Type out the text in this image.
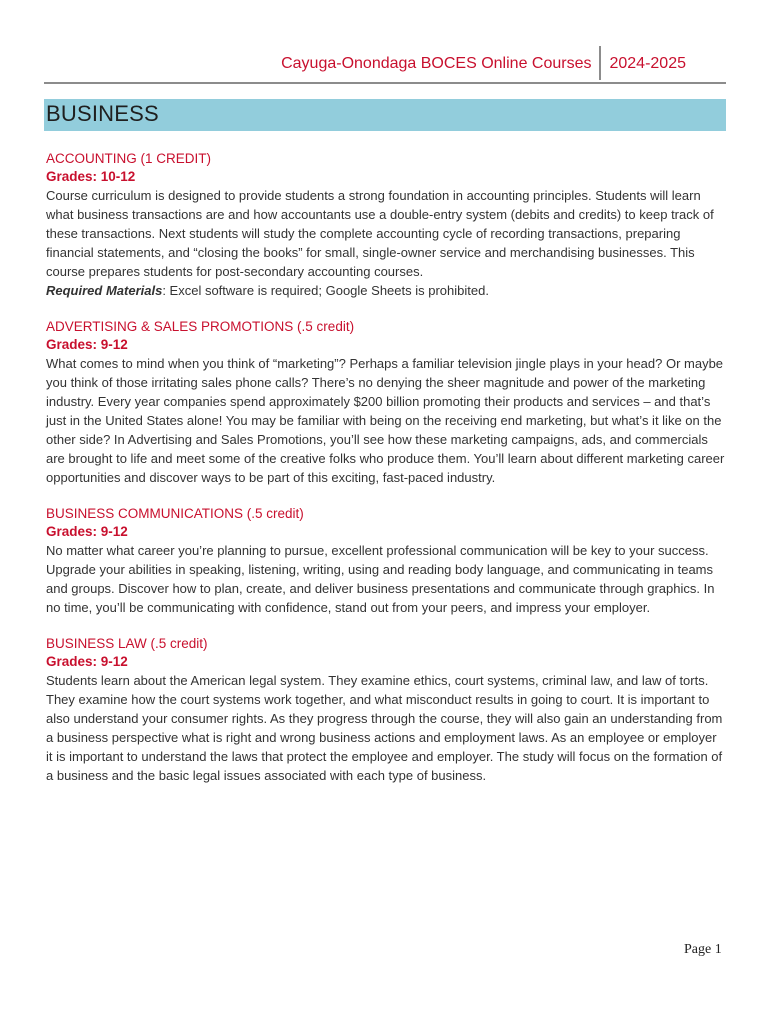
Cayuga-Onondaga BOCES Online Courses 2024-2025
BUSINESS
ACCOUNTING (1 CREDIT)
Grades: 10-12

Course curriculum is designed to provide students a strong foundation in accounting principles. Students will learn what business transactions are and how accountants use a double-entry system (debits and credits) to keep track of these transactions. Next students will study the complete accounting cycle of recording transactions, preparing financial statements, and “closing the books” for small, single-owner service and merchandising businesses. This course prepares students for post-secondary accounting courses.
Required Materials: Excel software is required; Google Sheets is prohibited.

ADVERTISING & SALES PROMOTIONS (.5 credit)
Grades: 9-12

What comes to mind when you think of “marketing”? Perhaps a familiar television jingle plays in your head? Or maybe you think of those irritating sales phone calls? There’s no denying the sheer magnitude and power of the marketing industry. Every year companies spend approximately $200 billion promoting their products and services – and that’s just in the United States alone! You may be familiar with being on the receiving end marketing, but what’s it like on the other side? In Advertising and Sales Promotions, you’ll see how these marketing campaigns, ads, and commercials are brought to life and meet some of the creative folks who produce them. You’ll learn about different marketing career opportunities and discover ways to be part of this exciting, fast-paced industry.

BUSINESS COMMUNICATIONS (.5 credit)
Grades: 9-12

No matter what career you’re planning to pursue, excellent professional communication will be key to your success. Upgrade your abilities in speaking, listening, writing, using and reading body language, and communicating in teams and groups. Discover how to plan, create, and deliver business presentations and communicate through graphics. In no time, you’ll be communicating with confidence, stand out from your peers, and impress your employer.

BUSINESS LAW (.5 credit)
Grades: 9-12

Students learn about the American legal system. They examine ethics, court systems, criminal law, and law of torts. They examine how the court systems work together, and what misconduct results in going to court. It is important to also understand your consumer rights. As they progress through the course, they will also gain an understanding from a business perspective what is right and wrong business actions and employment laws. As an employee or employer it is important to understand the laws that protect the employee and employer. The study will focus on the formation of a business and the basic legal issues associated with each type of business.

Page 1
